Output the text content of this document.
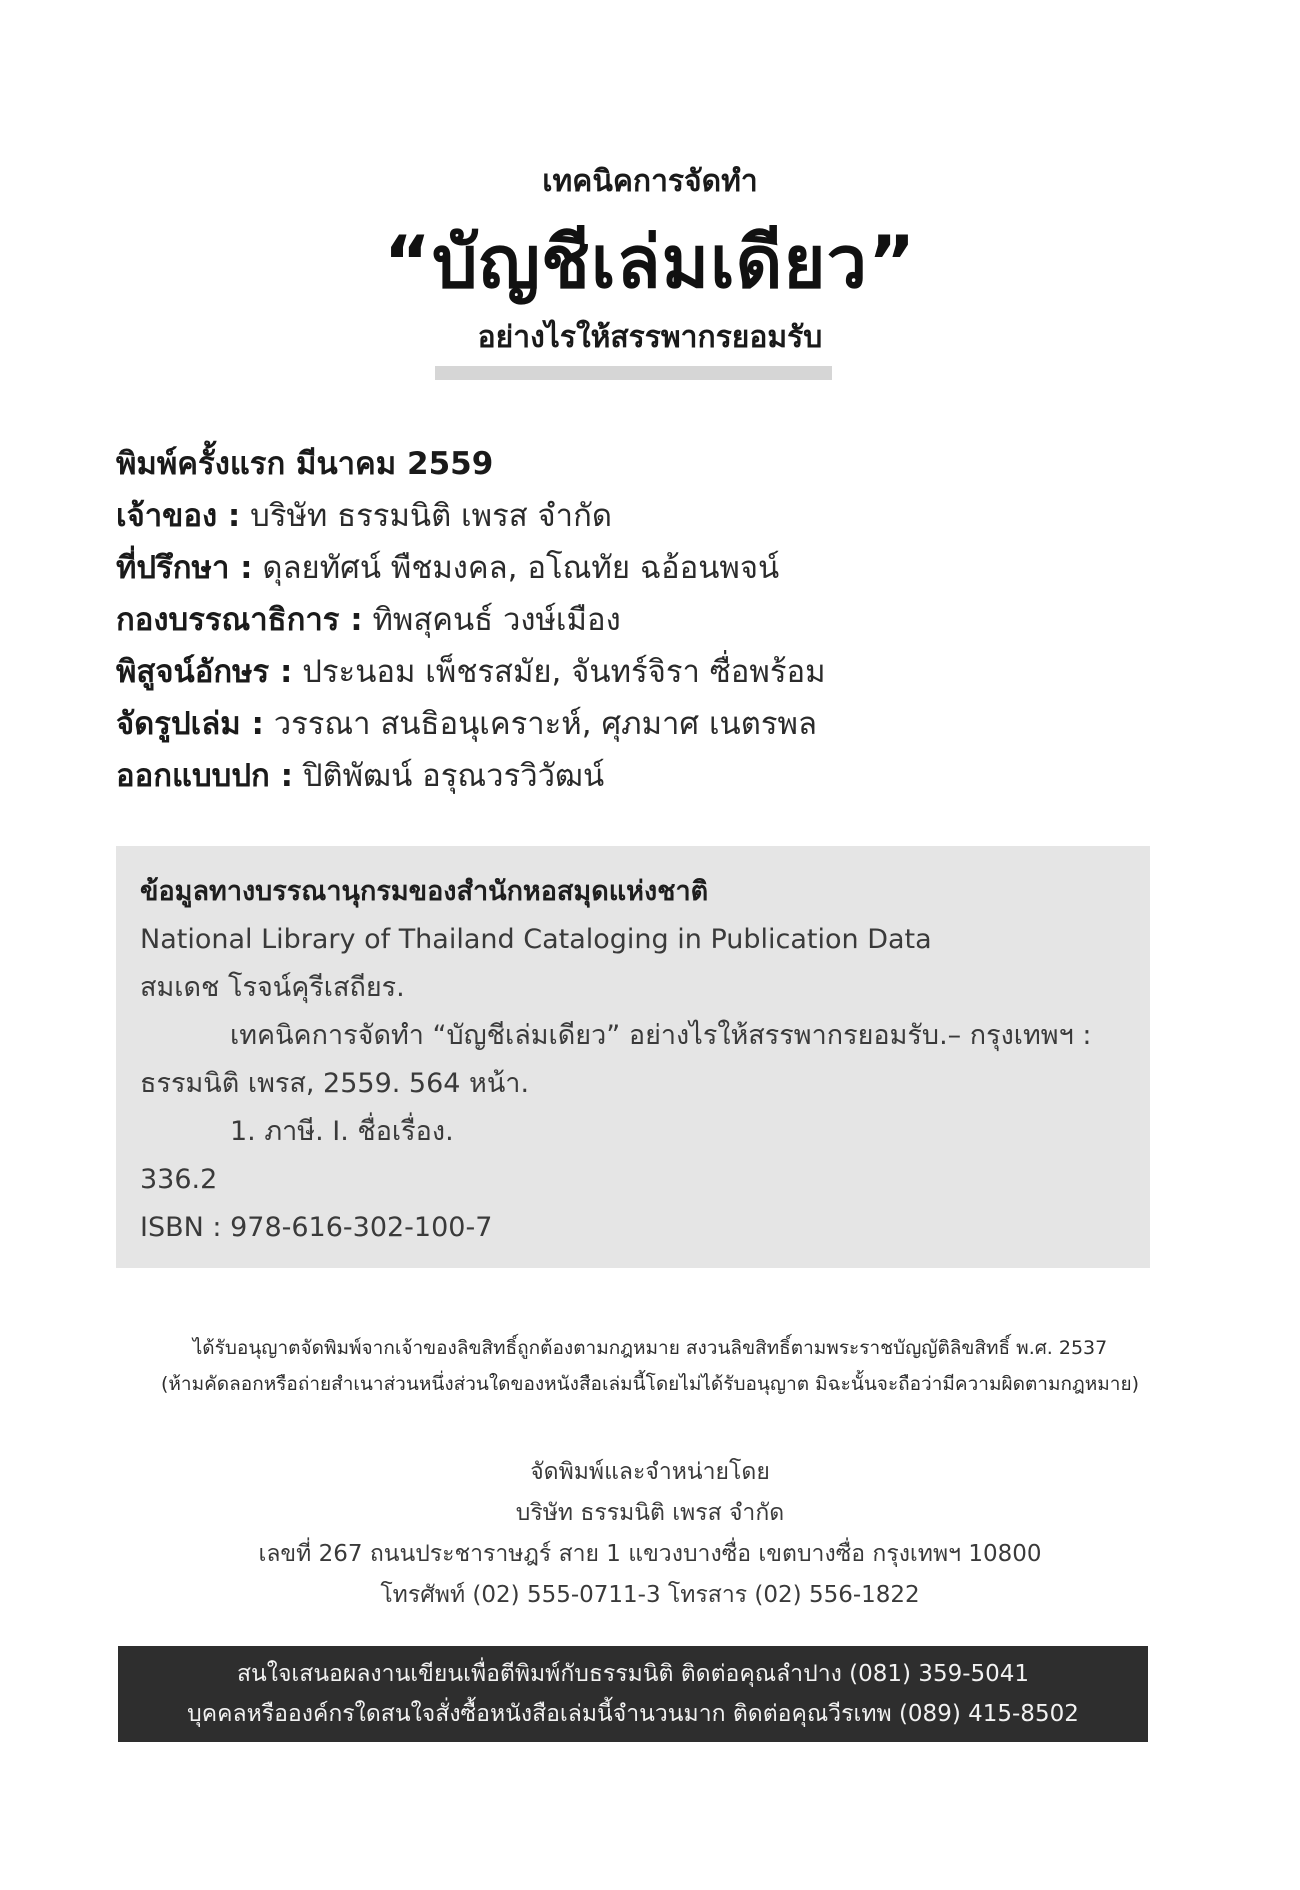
เทคนิคการจัดทำ
“บัญชีเล่มเดียว”
อย่างไรให้สรรพากรยอมรับ
พิมพ์ครั้งแรก มีนาคม 2559
เจ้าของ : บริษัท ธรรมนิติ เพรส จำกัด
ที่ปรึกษา : ดุลยทัศน์ พืชมงคล, อโณทัย ฉอ้อนพจน์
กองบรรณาธิการ : ทิพสุคนธ์ วงษ์เมือง
พิสูจน์อักษร : ประนอม เพ็ชรสมัย, จันทร์จิรา ซื่อพร้อม
จัดรูปเล่ม : วรรณา สนธิอนุเคราะห์, ศุภมาศ เนตรพล
ออกแบบปก : ปิติพัฒน์ อรุณวรวิวัฒน์
ข้อมูลทางบรรณานุกรมของสำนักหอสมุดแห่งชาติ
National Library of Thailand Cataloging in Publication Data
สมเดช โรจน์คุรีเสถียร.
เทคนิคการจัดทำ “บัญชีเล่มเดียว” อย่างไรให้สรรพากรยอมรับ.– กรุงเทพฯ :
ธรรมนิติ เพรส, 2559. 564 หน้า.
1. ภาษี. I. ชื่อเรื่อง.
336.2
ISBN : 978-616-302-100-7
ได้รับอนุญาตจัดพิมพ์จากเจ้าของลิขสิทธิ์ถูกต้องตามกฎหมาย สงวนลิขสิทธิ์ตามพระราชบัญญัติลิขสิทธิ์ พ.ศ. 2537
(ห้ามคัดลอกหรือถ่ายสำเนาส่วนหนึ่งส่วนใดของหนังสือเล่มนี้โดยไม่ได้รับอนุญาต มิฉะนั้นจะถือว่ามีความผิดตามกฎหมาย)
จัดพิมพ์และจำหน่ายโดย
บริษัท ธรรมนิติ เพรส จำกัด
เลขที่ 267 ถนนประชาราษฎร์ สาย 1 แขวงบางซื่อ เขตบางซื่อ กรุงเทพฯ 10800
โทรศัพท์ (02) 555-0711-3 โทรสาร (02) 556-1822
สนใจเสนอผลงานเขียนเพื่อตีพิมพ์กับธรรมนิติ ติดต่อคุณลำปาง (081) 359-5041
บุคคลหรือองค์กรใดสนใจสั่งซื้อหนังสือเล่มนี้จำนวนมาก ติดต่อคุณวีรเทพ (089) 415-8502
